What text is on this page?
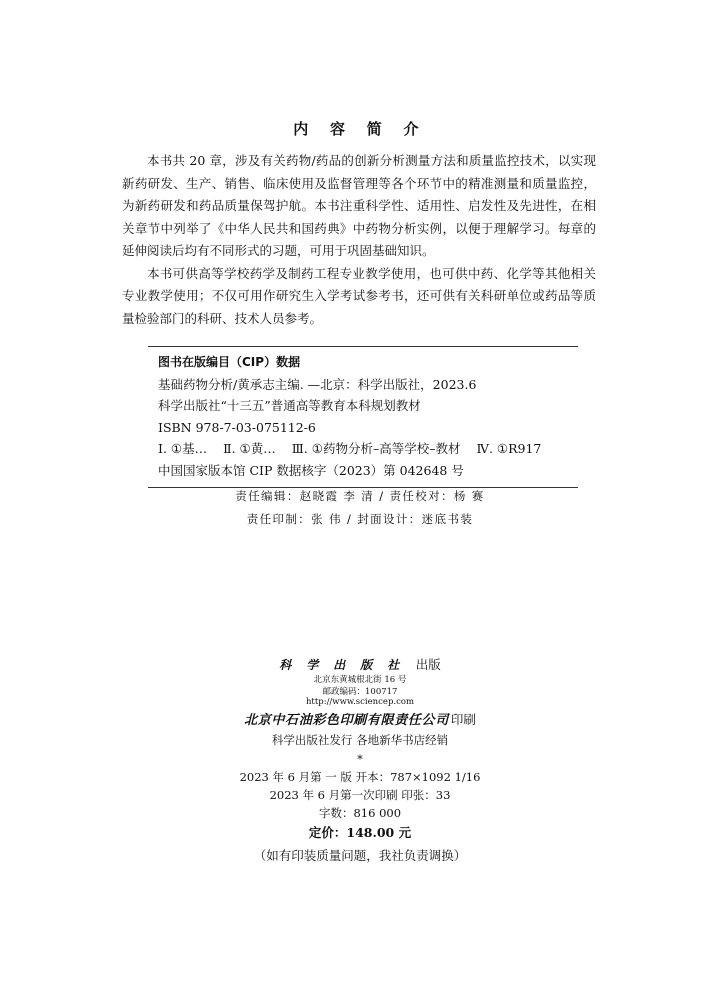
内 容 简 介

本书共 20 章，涉及有关药物/药品的创新分析测量方法和质量监控技术，以实现新药研发、生产、销售、临床使用及监督管理等各个环节中的精准测量和质量监控，为新药研发和药品质量保驾护航。本书注重科学性、适用性、启发性及先进性，在相关章节中列举了《中华人民共和国药典》中药物分析实例，以便于理解学习。每章的延伸阅读后均有不同形式的习题，可用于巩固基础知识。

本书可供高等学校药学及制药工程专业教学使用，也可供中药、化学等其他相关专业教学使用；不仅可用作研究生入学考试参考书，还可供有关科研单位或药品等质量检验部门的科研、技术人员参考。

图书在版编目（CIP）数据
基础药物分析/黄承志主编. —北京：科学出版社，2023.6
科学出版社“十三五”普通高等教育本科规划教材
ISBN 978-7-03-075112-6
Ⅰ. ①基… Ⅱ. ①黄… Ⅲ. ①药物分析–高等学校–教材 Ⅳ. ①R917
中国国家版本馆 CIP 数据核字（2023）第 042648 号
责任编辑：赵晓霞 李 清 / 责任校对：杨 赛
责任印制：张 伟 / 封面设计：迷底书装
科 学 出 版 社 出版
北京东黄城根北街 16 号
邮政编码：100717
http://www.sciencep.com
北京中石油彩色印刷有限责任公司 印刷
科学出版社发行 各地新华书店经销
*
2023 年 6 月第 一 版 开本：787×1092 1/16
2023 年 6 月第一次印刷 印张：33
字数：816 000
定价：148.00 元
（如有印装质量问题，我社负责调换）
